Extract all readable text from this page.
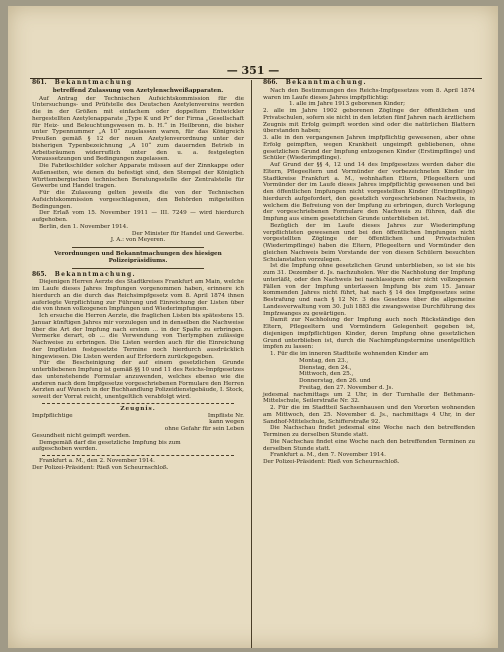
— 351 —
861. Bekanntmachung
betreffend Zulassung von Azetylenschweißapparaten.

Auf Antrag der Technischen Aufsichtskommission für die Untersuchungs- und Prüfstelle des Deutschen Azetylenvereins werden die in der Größen mit einfachem oder doppeltem Entwickler hergestellten Azetylenapparate „Type K und Pr“ der Firma „Gesellschaft für Heiz- und Beleuchtungswesen m. b. H.“ in Heilbronn, die bisher unter Typennummer „A 10“ zugelassen waren, für das Königreich Preußen gemäß § 12 der neuen Azetylenverordnung unter der bisherigen Typenbezeichnung „A 10“ zum dauernden Betrieb in Arbeitsräumen widerruflich unter den u. a. festgelegten Voraussetzungen und Bedingungen zugelassen.

Die Fabrikschilder solcher Apparate müssen auf der Zinnkappe oder Außenseiten, wie denen du befestigt sind, den Stempel der Königlich Württembergischen technischen Beratungsstelle der Zentralstelle für Gewerbe und Handel tragen.

Für die Zulassung gelten jeweils die von der Technischen Aufsichtskommission vorgeschlagenen, den Behörden mitgeteilten Bedingungen.

Der Erlaß vom 15. November 1911 — III. 7249 — wird hierdurch aufgehoben.

Berlin, den 1. November 1914.

Der Minister für Handel und Gewerbe.
J. A.: von Meyeren.
Verordnungen und Bekanntmachungen des hiesigen Polizeipräsidiums.
865. Bekanntmachung.

Diejenigen Herren Aerzte des Stadtkreises Frankfurt am Main, welche im Laufe dieses Jahres Impfungen vorgenommen haben, erinnere ich hierdurch an die durch das Reichsimpfgesetz vom 8. April 1874 ihnen auferlegte Verpflichtung zur Führung und Einreichung der Listen über die von ihnen vollzogenen Impfungen und Wiederimpfungen.

Ich ersuche die Herren Aerzte, die fraglichen Listen bis spätestens 15. Januar künftigen Jahres mir vorzulegen und in denselben die Nachweise über die Art der Impfung nach erstem ... in der Spalte zu erbringen. Vermerke derart, ob ... die Verwendung von Tierlymphen zulässige Nachweise zu erbringen. Die Listen werden auch für die Einreichung der Impflisten festgesetzte Termine noch hierdurch ausdrücklich hingewiesen. Die Listen werden auf Erfordern zurückgegeben.

Für die Bescheinigung der auf einem gesetzlichen Grunde unterbliebenen Impfung ist gemäß §§ 10 und 11 des Reichs-Impfgesetzes das untenstehende Formular anzuwenden, welches ebenso wie die anderen nach dem Impfgesetze vorgeschriebenen Formulare den Herren Aerzten auf Wunsch in der Buchhandlung Polizeidienstgebäude, I. Stock, soweit der Vorrat reicht, unentgeltlich verabfolgt wird.

Zeugnis.
Impfpflichtige	Impfliste Nr.
kann wegen
ohne Gefahr für sein Leben
Gesundheit nicht geimpft werden.

Demgemäß darf die gesetzliche Impfung bis zum

aufgeschoben werden.

Frankfurt a. M., den 2. November 1914.

Der Polizei-Präsident: Rieß von Scheurnschloß.
866. Bekanntmachung.

Nach den Bestimmungen des Reichs-Impfgesetzes vom 8. April 1874 waren im Laufe dieses Jahres impfpflichtig:

1. alle im Jahre 1913 geborenen Kinder;
2. alle im Jahre 1902 geborenen Zöglinge der öffentlichen und Privatschulen, sofern sie nicht in den letzten fünf Jahren nach ärztlichem Zeugnis mit Erfolg geimpft worden sind oder die natürlichen Blattern überstanden haben;
3. alle in den vergangenen Jahren impfpflichtig gewesenen, aber ohne Erfolg geimpften, wegen Krankheit ungeimpft gebliebenen, ohne gesetzlichen Grund der Impfung entzogenen Kinder (Erstimpflinge) und Schüler (Wiederimpflinge).

Auf Grund der §§ 4, 12 und 14 des Impfgesetzes werden daher die Eltern, Pflegeeltern und Vormünder der vorbezeichneten Kinder im Stadtkreise Frankfurt a. M., wohnhaften Eltern, Pflegeeltern und Vormünder der im Laufe dieses Jahres impfpflichtig gewesenen und bei den öffentlichen Impfungen nicht vorgestellten Kinder (Erstimpflinge) hierdurch aufgefordert, den gesetzlich vorgeschriebenen Nachweis, in welchem die Befreiung von der Impfung zu erbringen, durch Vorlegung der vorgeschriebenen Formulare den Nachweis zu führen, daß die Impfung aus einem gesetzlichen Grunde unterblieben ist.

Bezüglich der im Laufe dieses Jahres zur Wiederimpfung verpflichteten gewesenen und bei den öffentlichen Impfungen nicht vorgestellten Zöglinge der öffentlichen und Privatschulen (Wiederimpflinge) haben die Eltern, Pflegeeltern und Vormünder den gleichen Nachweis beim Vorstande der von diesen Schülern besuchten Schulanstalten vorzulegen.

Ist die Impfung ohne gesetzlichen Grund unterblieben, so ist sie bis zum 31. Dezember d. Js. nachzuholen. Wer die Nachholung der Impfung unterläßt, oder den Nachweis bei nachlassigem oder nicht vollzogenen Fällen von der Impfung unterlassen Impfung bis zum 15. Januar kommenden Jahres nicht führt, hat nach § 14 des Impfgesetzes seine Bestrafung und nach § 12 Nr. 3 des Gesetzes über die allgemeine Landesverwaltung vom 30. Juli 1883 die zwangsweise Durchführung des Impfzwanges zu gewärtigen.

Damit zur Nachholung der Impfung auch noch Rückständige den Eltern, Pflegeeltern und Vormündern Gelegenheit gegeben ist, diejenigen impfpflichtigen Kinder, deren Impfung ohne gesetzlichen Grund unterblieben ist, durch die Nachimpfungstermine unentgeltlich impfen zu lassen:

1. Für die im inneren Stadtteile wohnenden Kinder am

Montag, den 23.,
Dienstag, den 24.,
Mittwoch, den 25.,
Donnerstag, den 26. und
Freitag, den 27. November d. Js.
jedesmal nachmittags um 2 Uhr, in der Turnhalle der Bethmann-Mittelschule, Seilerstraße Nr. 32.

2. Für die im Stadtteil Sachsenhausen und den Vororten wohnenden am Mittwoch, den 25. November d. Js., nachmittags 4 Uhr, in der Sandhof-Mittelschule, Schifferstraße 92.

Die Nachschau findet jedesmal eine Woche nach den betreffenden Terminen zu derselben Stunde statt.

Die Nachschau findet eine Woche nach den betreffenden Terminen zu derselben Stunde statt.

Frankfurt a. M., den 7. November 1914.

Der Polizei-Präsident: Rieß von Scheurnschloß.
